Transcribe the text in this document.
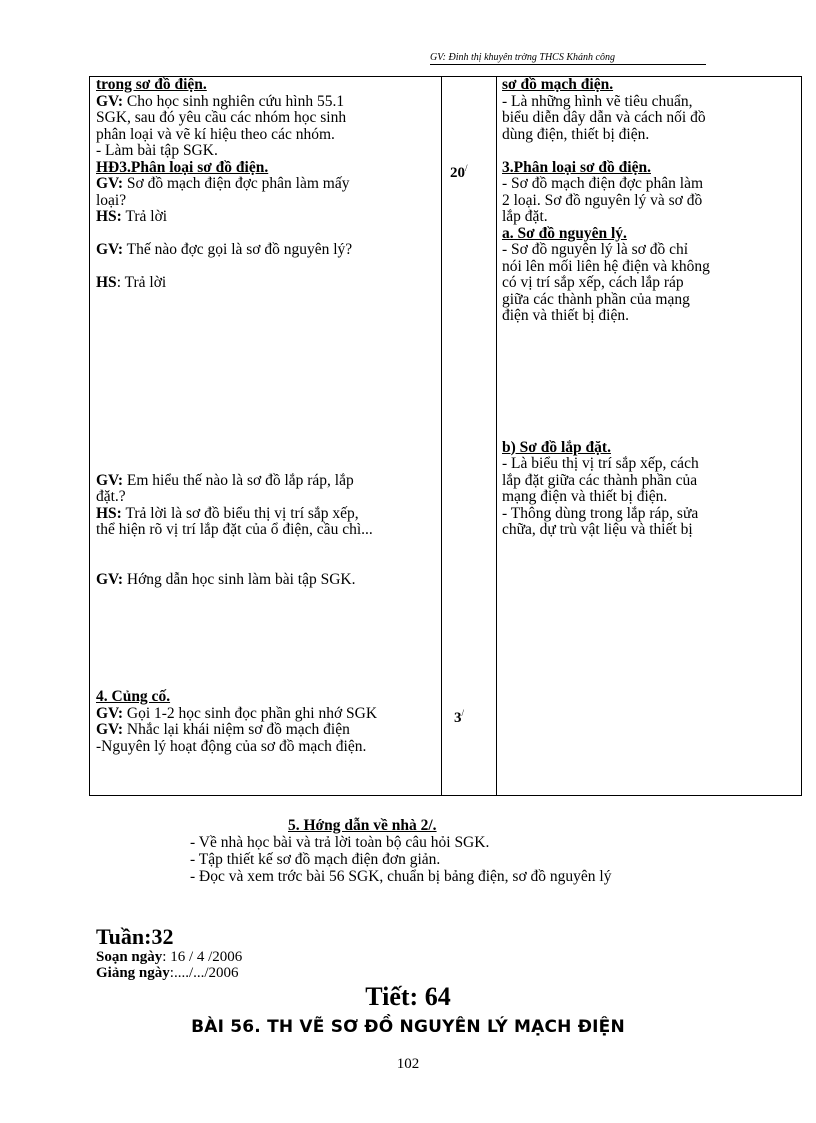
GV: Đinh thị khuyên trờng THCS Khánh công
20/
3/

trong sơ đồ điện.

GV: Cho học sinh nghiên cứu hình 55.1

SGK, sau đó yêu cầu các nhóm học sinh

phân loại và vẽ kí hiệu theo các nhóm.

- Làm bài tập SGK.

HĐ3.Phân loại sơ đồ điện.

GV: Sơ đồ mạch điện đợc phân làm mấy

loại?

HS: Trả lời

GV: Thế nào đợc gọi là sơ đồ nguyên lý?

HS: Trả lời

GV: Em hiểu thế nào là sơ đồ lắp ráp, lắp

đặt.?

HS: Trả lời là sơ đồ biểu thị vị trí sắp xếp,

thể hiện rõ vị trí lắp đặt của ổ điện, cầu chì...

GV: Hớng dẫn học sinh làm bài tập SGK.

4. Củng cố.

GV: Gọi 1-2 học sinh đọc phần ghi nhớ SGK

GV: Nhắc lại khái niệm sơ đồ mạch điện

-Nguyên lý hoạt động của sơ đồ mạch điện.

sơ đồ mạch điện.

- Là những hình vẽ tiêu chuẩn,

biểu diễn dây dẫn và cách nối đồ

dùng điện, thiết bị điện.

3.Phân loại sơ đồ điện.

- Sơ đồ mạch điện đợc phân làm

2 loại. Sơ đồ nguyên lý và sơ đồ

lắp đặt.

a. Sơ đồ nguyên lý.

- Sơ đồ nguyên lý là sơ đồ chỉ

nói lên mối liên hệ điện và không

có vị trí sắp xếp, cách lắp ráp

giữa các thành phần của mạng

điện và thiết bị điện.

b) Sơ đồ lắp đặt.

- Là biểu thị vị trí sắp xếp, cách

lắp đặt giữa các thành phần của

mạng điện và thiết bị điện.

- Thông dùng trong lắp ráp, sửa

chữa, dự trù vật liệu và thiết bị

5. Hớng dẫn về nhà 2/.
- Về nhà học bài và trả lời toàn bộ câu hỏi SGK.
- Tập thiết kế sơ đồ mạch điện đơn giản.
- Đọc và xem trớc bài 56 SGK, chuẩn bị bảng điện, sơ đồ nguyên lý
Tuần:32
Soạn ngày: 16 / 4 /2006
Giảng ngày:..../.../2006
Tiết: 64
BÀI 56. TH VẼ SƠ ĐỒ NGUYÊN LÝ MẠCH ĐIỆN
102
